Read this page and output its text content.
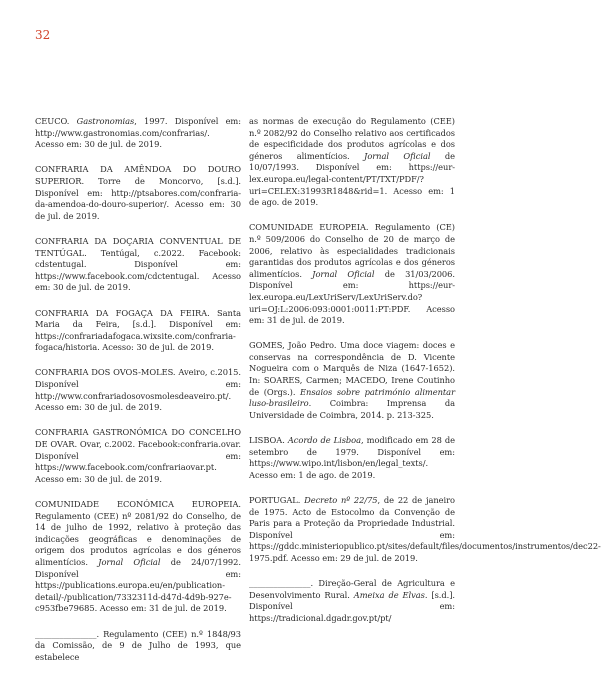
32

CEUCO. Gastronomias, 1997. Disponível em: http://www.gastronomias.com/confrarias/. Acesso em: 30 de jul. de 2019.

CONFRARIA DA AMÊNDOA DO DOURO SUPERIOR. Torre de Moncorvo, [s.d.]. Disponível em: http://ptsabores.com/confraria-da-amendoa-do-douro-superior/. Acesso em: 30 de jul. de 2019.

CONFRARIA DA DOÇARIA CONVENTUAL DE TENTÚGAL. Tentúgal, c.2022. Facebook: cdstentugal. Disponível em: https://www.facebook.com/cdctentugal. Acesso em: 30 de jul. de 2019.

CONFRARIA DA FOGAÇA DA FEIRA. Santa Maria da Feira, [s.d.]. Disponível em: https://confrariadafogaca.wixsite.com/confraria-fogaca/historia. Acesso: 30 de jul. de 2019.

CONFRARIA DOS OVOS-MOLES. Aveiro, c.2015. Disponível em: http://www.confrariadosovosmolesdeaveiro.pt/. Acesso em: 30 de jul. de 2019.

CONFRARIA GASTRONÓMICA DO CONCELHO DE OVAR. Ovar, c.2002. Facebook:confraria.ovar. Disponível em: https://www.facebook.com/confrariaovar.pt. Acesso em: 30 de jul. de 2019.

COMUNIDADE ECONÓMICA EUROPEIA. Regulamento (CEE) nº 2081/92 do Conselho, de 14 de julho de 1992, relativo à proteção das indicações geográficas e denominações de origem dos produtos agrícolas e dos géneros alimentícios. Jornal Oficial de 24/07/1992. Disponível em: https://publications.europa.eu/en/publication-detail/-/publication/7332311d-d47d-4d9b-927e-c953fbe79685. Acesso em: 31 de jul. de 2019.

_______________. Regulamento (CEE) n.º 1848/93 da Comissão, de 9 de Julho de 1993, que estabelece

as normas de execução do Regulamento (CEE) n.º 2082/92 do Conselho relativo aos certificados de especificidade dos produtos agrícolas e dos géneros alimentícios. Jornal Oficial de 10/07/1993. Disponível em: https://eur-lex.europa.eu/legal-content/PT/TXT/PDF/?uri=CELEX:31993R1848&rid=1. Acesso em: 1 de ago. de 2019.

COMUNIDADE EUROPEIA. Regulamento (CE) n.º 509/2006 do Conselho de 20 de março de 2006, relativo às especialidades tradicionais garantidas dos produtos agrícolas e dos géneros alimentícios. Jornal Oficial de 31/03/2006. Disponível em: https://eur-lex.europa.eu/LexUriServ/LexUriServ.do?uri=OJ:L:2006:093:0001:0011:PT:PDF. Acesso em: 31 de jul. de 2019.

GOMES, João Pedro. Uma doce viagem: doces e conservas na correspondência de D. Vicente Nogueira com o Marquês de Niza (1647-1652). In: SOARES, Carmen; MACEDO, Irene Coutinho de (Orgs.). Ensaios sobre património alimentar luso-brasileiro. Coimbra: Imprensa da Universidade de Coimbra, 2014. p. 213-325.

LISBOA. Acordo de Lisboa, modificado em 28 de setembro de 1979. Disponível em: https://www.wipo.int/lisbon/en/legal_texts/. Acesso em: 1 de ago. de 2019.

PORTUGAL. Decreto nº 22/75, de 22 de janeiro de 1975. Acto de Estocolmo da Convenção de Paris para a Proteção da Propriedade Industrial. Disponível em: https://gddc.ministeriopublico.pt/sites/default/files/documentos/instrumentos/dec22-1975.pdf. Acesso em: 29 de jul. de 2019.

_______________. Direção-Geral de Agricultura e Desenvolvimento Rural. Ameixa de Elvas. [s.d.]. Disponível em: https://tradicional.dgadr.gov.pt/pt/
